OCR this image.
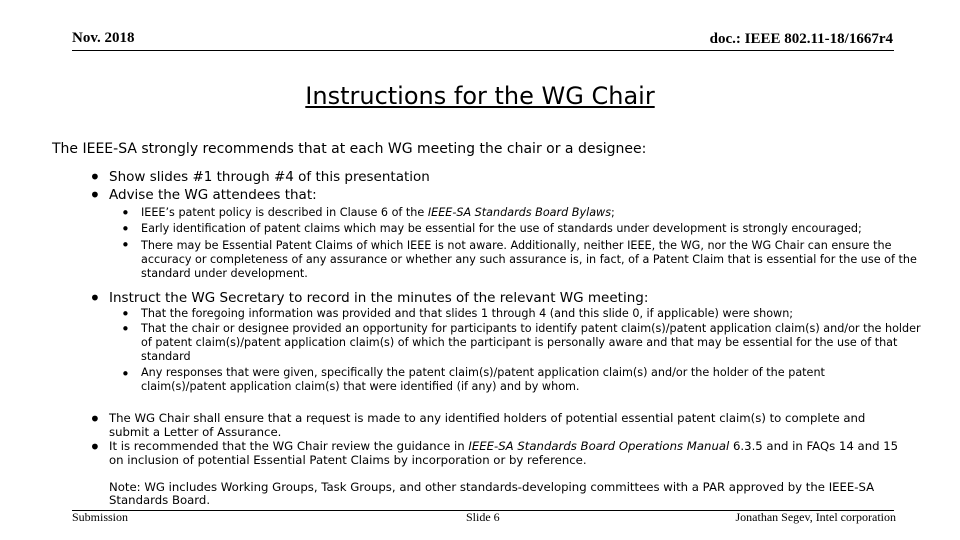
Nov. 2018	doc.: IEEE 802.11-18/1667r4
Instructions for the WG Chair
The IEEE-SA strongly recommends that at each WG meeting the chair or a designee:
• Show slides #1 through #4 of this presentation
• Advise the WG attendees that:
• IEEE’s patent policy is described in Clause 6 of the IEEE-SA Standards Board Bylaws;
• Early identification of patent claims which may be essential for the use of standards under development is strongly encouraged;
• There may be Essential Patent Claims of which IEEE is not aware. Additionally, neither IEEE, the WG, nor the WG Chair can ensure the accuracy or completeness of any assurance or whether any such assurance is, in fact, of a Patent Claim that is essential for the use of the standard under development.
• Instruct the WG Secretary to record in the minutes of the relevant WG meeting:
• That the foregoing information was provided and that slides 1 through 4 (and this slide 0, if applicable) were shown;
• That the chair or designee provided an opportunity for participants to identify patent claim(s)/patent application claim(s) and/or the holder of patent claim(s)/patent application claim(s) of which the participant is personally aware and that may be essential for the use of that standard
• Any responses that were given, specifically the patent claim(s)/patent application claim(s) and/or the holder of the patent claim(s)/patent application claim(s) that were identified (if any) and by whom.
• The WG Chair shall ensure that a request is made to any identified holders of potential essential patent claim(s) to complete and submit a Letter of Assurance.
• It is recommended that the WG Chair review the guidance in IEEE-SA Standards Board Operations Manual 6.3.5 and in FAQs 14 and 15 on inclusion of potential Essential Patent Claims by incorporation or by reference.
Note: WG includes Working Groups, Task Groups, and other standards-developing committees with a PAR approved by the IEEE-SA Standards Board.
Submission	Slide 6	Jonathan Segev, Intel corporation
